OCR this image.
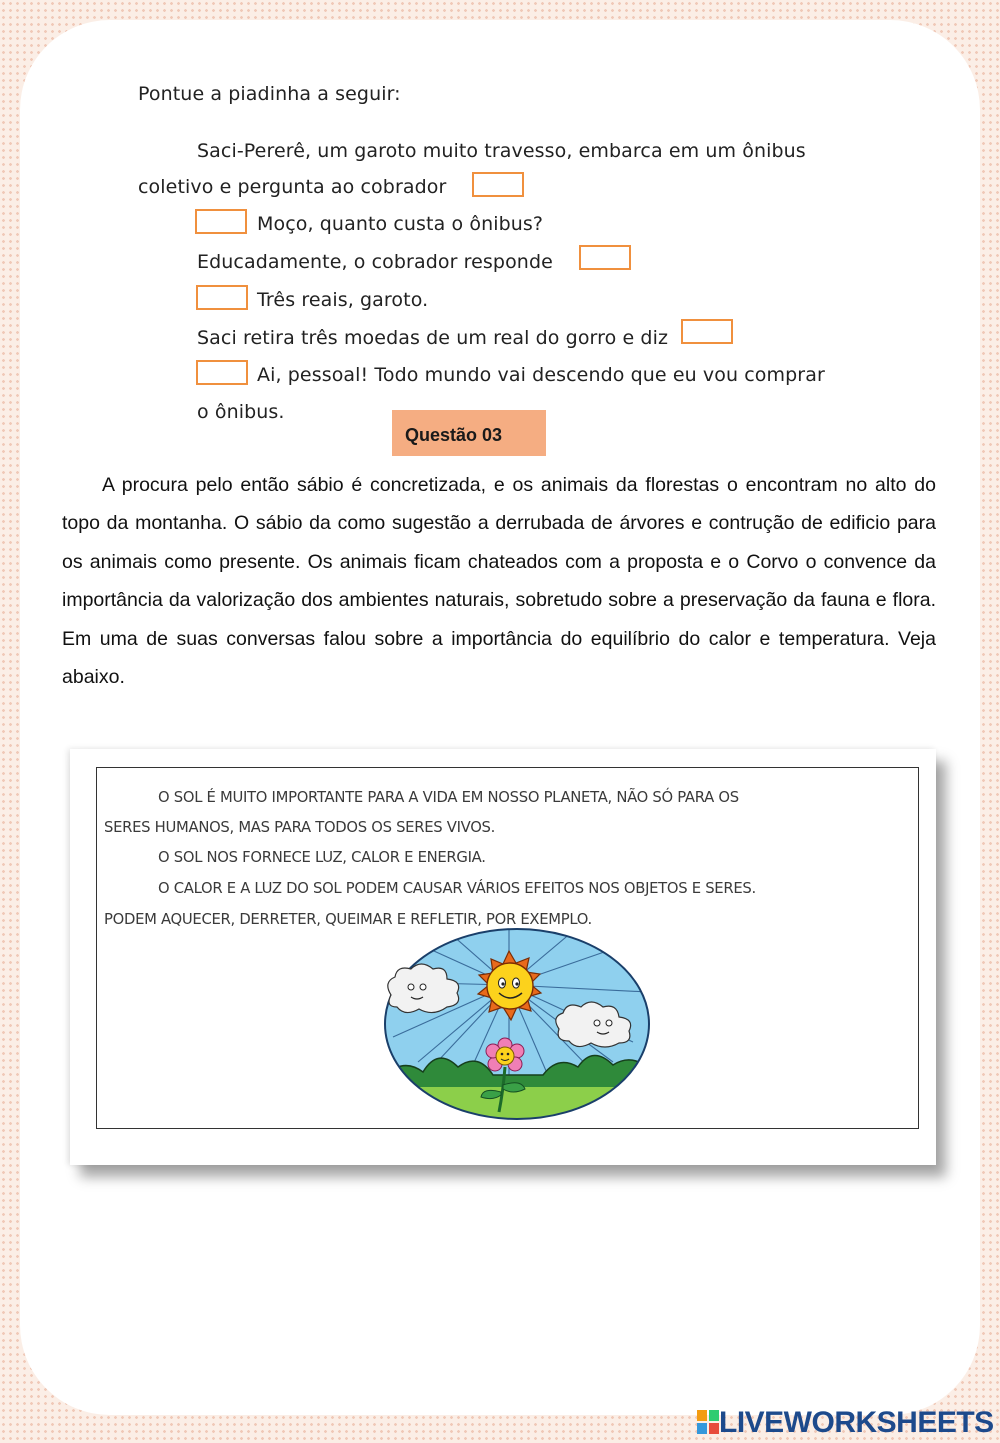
Pontue a piadinha a seguir:
Saci-Pererê, um garoto muito travesso, embarca em um ônibus
coletivo e pergunta ao cobrador
Moço, quanto custa o ônibus?
Educadamente, o cobrador responde
Três reais, garoto.
Saci retira três moedas de um real do gorro e diz
Ai, pessoal! Todo mundo vai descendo que eu vou comprar
o ônibus.
Questão 03

A procura pelo então sábio é concretizada, e os animais da florestas o encontram no alto do topo da montanha. O sábio da como sugestão a derrubada de árvores e contrução de edificio para os animais como presente. Os animais ficam chateados com a proposta e o Corvo o convence da importância da valorização dos ambientes naturais, sobretudo sobre a preservação da fauna e flora. Em uma de suas conversas falou sobre a importância do equilíbrio do calor e temperatura. Veja abaixo.

O SOL É MUITO IMPORTANTE PARA A VIDA EM NOSSO PLANETA, NÃO SÓ PARA OS
SERES HUMANOS, MAS PARA TODOS OS SERES VIVOS.
O SOL NOS FORNECE LUZ, CALOR E ENERGIA.
O CALOR E A LUZ DO SOL PODEM CAUSAR VÁRIOS EFEITOS NOS OBJETOS E SERES.
PODEM AQUECER, DERRETER, QUEIMAR E REFLETIR, POR EXEMPLO.
LIVEWORKSHEETS
